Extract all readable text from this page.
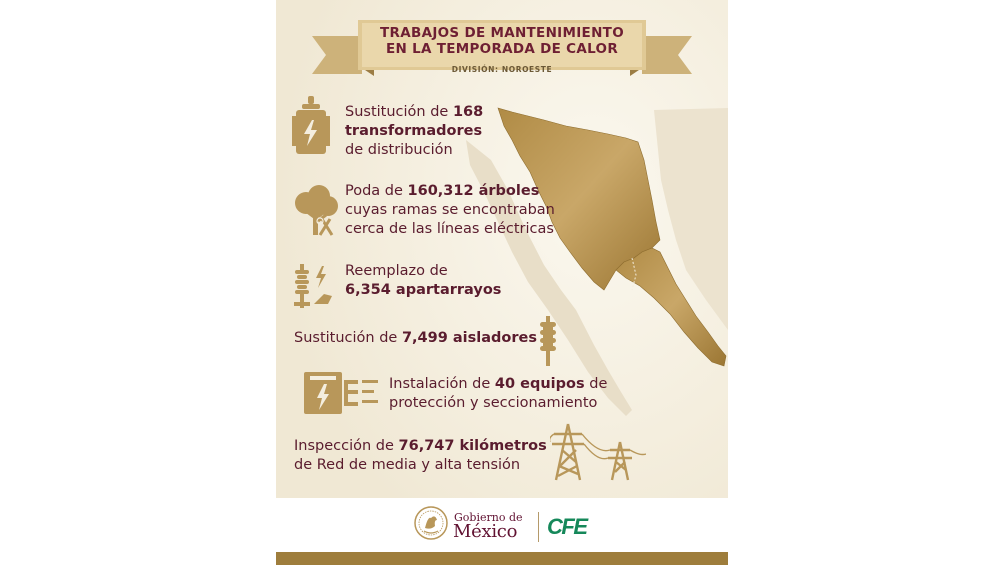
TRABAJOS DE MANTENIMIENTO
EN LA TEMPORADA DE CALOR
DIVISIÓN: NOROESTE
Sustitución de 168
transformadores
de distribución
Poda de 160,312 árboles
cuyas ramas se encontraban
cerca de las líneas eléctricas
Reemplazo de
6,354 apartarrayos
Sustitución de 7,499 aisladores
Instalación de 40 equipos de
protección y seccionamiento
Inspección de 76,747 kilómetros
de Red de media y alta tensión
Gobierno de
México CFE
